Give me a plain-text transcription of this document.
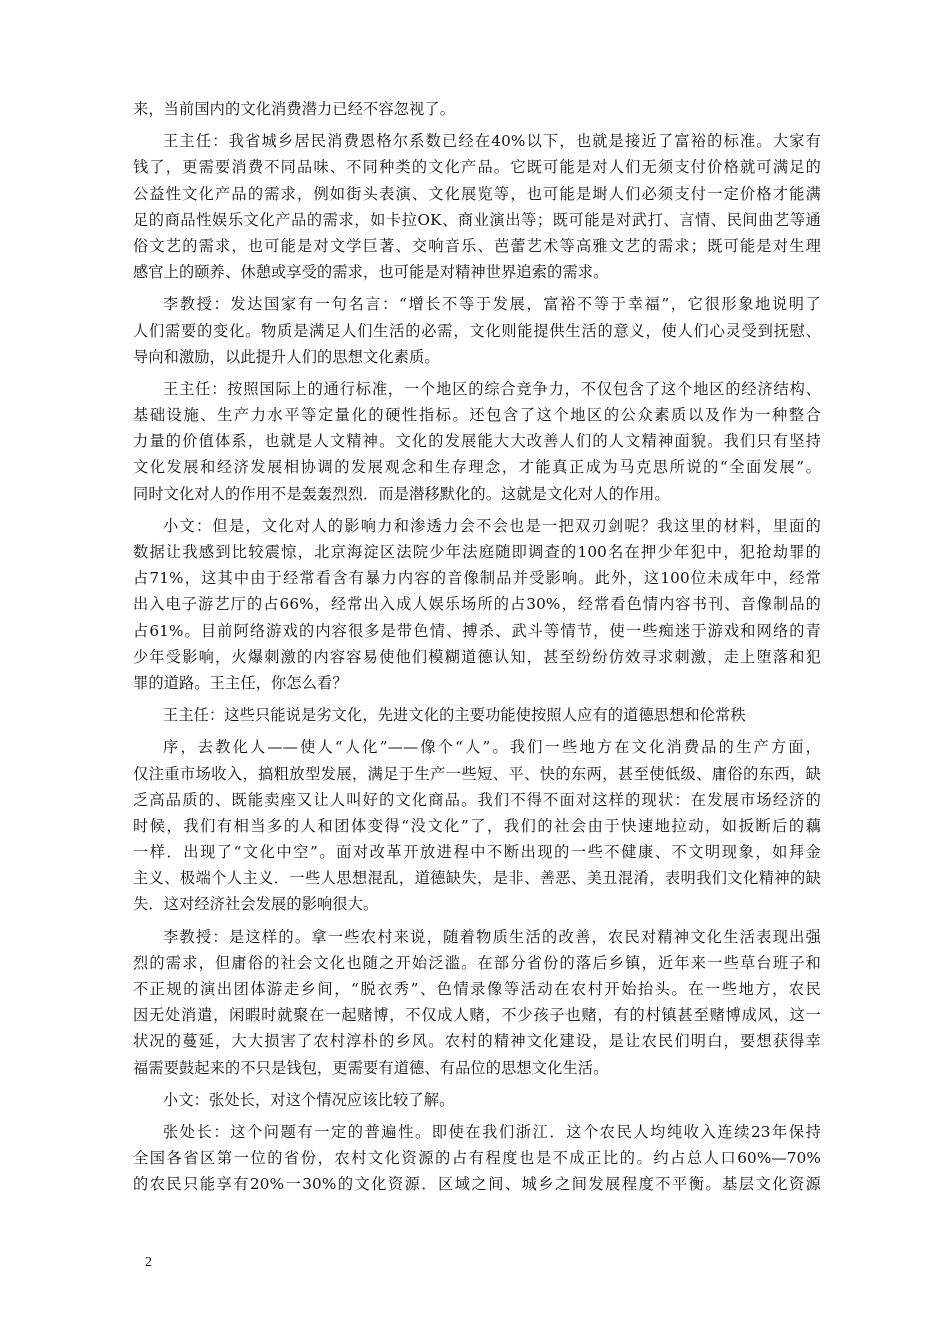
来，当前国内的文化消费潜力已经不容忽视了。
王主任：我省城乡居民消费恩格尔系数已经在40%以下，也就是接近了富裕的标准。大家有
钱了，更需要消费不同品味、不同种类的文化产品。它既可能是对人们无须支付价格就可满足的
公益性文化产品的需求，例如街头表演、文化展览等，也可能是埘人们必须支付一定价格才能满
足的商品性娱乐文化产品的需求，如卡拉OK、商业演出等；既可能是对武打、言情、民间曲艺等通
俗文艺的需求，也可能是对文学巨著、交响音乐、芭蕾艺术等高雅文艺的需求；既可能是对生理
感官上的颐养、休憩或享受的需求，也可能是对精神世界追索的需求。
李教授：发达国家有一句名言：“增长不等于发展，富裕不等于幸福”，它很形象地说明了
人们需要的变化。物质是满足人们生活的必需，文化则能提供生活的意义，使人们心灵受到抚慰、
导向和激励，以此提升人们的思想文化素质。
王主任：按照国际上的通行标准，一个地区的综合竞争力，不仅包含了这个地区的经济结构、
基础设施、生产力水平等定量化的硬性指标。还包含了这个地区的公众素质以及作为一种整合
力量的价值体系，也就是人文精神。文化的发展能大大改善人们的人文精神面貌。我们只有坚持
文化发展和经济发展相协调的发展观念和生存理念，才能真正成为马克思所说的“全面发展”。
同时文化对人的作用不是轰轰烈烈．而是潜移默化的。这就是文化对人的作用。
小文：但是，文化对人的影响力和渗透力会不会也是一把双刃剑呢？我这里的材料，里面的
数据让我感到比较震惊，北京海淀区法院少年法庭随即调查的100名在押少年犯中，犯抢劫罪的
占71%，这其中由于经常看含有暴力内容的音像制品并受影响。此外，这100位未成年中，经常
出入电子游艺厅的占66%，经常出入成人娱乐场所的占30%，经常看色情内容书刊、音像制品的
占61%。目前阿络游戏的内容很多是带色情、搏杀、武斗等情节，使一些痴迷于游戏和网络的青
少年受影响，火爆刺激的内容容易使他们模糊道德认知，甚至纷纷仿效寻求刺激，走上堕落和犯
罪的道路。王主任，你怎么看？
王主任：这些只能说是劣文化，先进文化的主要功能使按照人应有的道德思想和伦常秩
序，去教化人——使人“人化”——像个“人”。我们一些地方在文化消费品的生产方面，
仅注重市场收入，搞粗放型发展，满足于生产一些短、平、快的东两，甚至使低级、庸俗的东西，缺
乏高品质的、既能卖座又让人叫好的文化商品。我们不得不面对这样的现状：在发展市场经济的
时候，我们有相当多的人和团体变得“没文化”了，我们的社会由于快速地拉动，如扳断后的藕
一样．出现了“文化中空”。面对改革开放进程中不断出现的一些不健康、不文明现象，如拜金
主义、极端个人主义．一些人思想混乱，道德缺失，是非、善恶、美丑混淆，表明我们文化精神的缺
失．这对经济社会发展的影响很大。
李教授：是这样的。拿一些农村来说，随着物质生活的改善，农民对精神文化生活表现出强
烈的需求，但庸俗的社会文化也随之开始泛滥。在部分省份的落后乡镇，近年来一些草台班子和
不正规的演出团体游走乡间，“脱衣秀”、色情录像等活动在农村开始抬头。在一些地方，农民
因无处消遣，闲暇时就聚在一起赌博，不仅成人赌，不少孩子也赌，有的村镇甚至赌博成风，这一
状况的蔓延，大大损害了农村淳朴的乡风。农村的精神文化建设，是让农民们明白，要想获得幸
福需要鼓起来的不只是钱包，更需要有道德、有品位的思想文化生活。
小文：张处长，对这个情况应该比较了解。
张处长：这个问题有一定的普遍性。即使在我们浙江．这个农民人均纯收入连续23年保持
全国各省区第一位的省份，农村文化资源的占有程度也是不成正比的。约占总人口60%—70%
的农民只能享有20%一30%的文化资源．区域之间、城乡之间发展程度不平衡。基层文化资源
2
